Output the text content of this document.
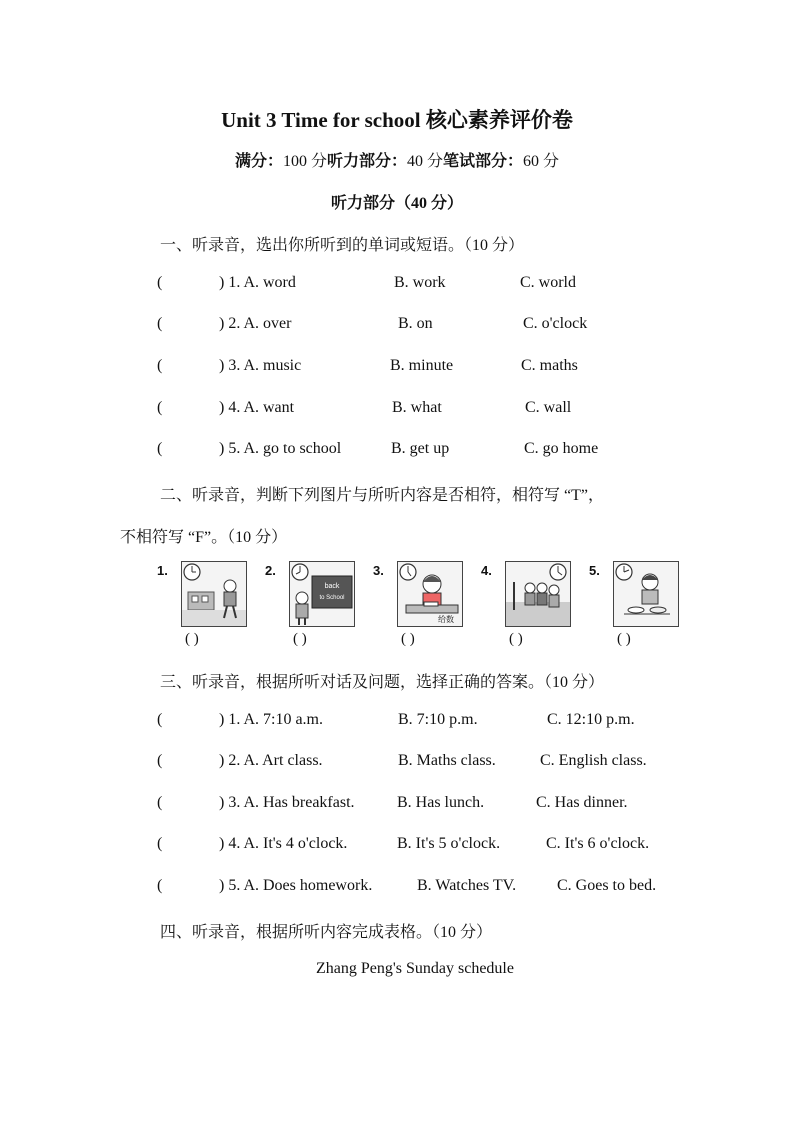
Unit 3 Time for school 核心素养评价卷
满分：100 分听力部分：40 分笔试部分：60 分
听力部分（40 分）
一、听录音，选出你所听到的单词或短语。（10 分）
(	) 1. A. word	B. work	C. world
(	) 2. A. over	B. on	C. o'clock
(	) 3. A. music	B. minute	C. maths
(	) 4. A. want	B. what	C. wall
(	) 5. A. go to school	B. get up	C. go home
二、听录音，判断下列图片与所听内容是否相符，相符写 “T”，
不相符写 “F”。（10 分）
1.
( )
2.
back
to School
( )
3.
给数
( )
4.
( )
5.
( )
三、听录音，根据所听对话及问题，选择正确的答案。（10 分）
(	) 1. A. 7:10 a.m.	B. 7:10 p.m.	C. 12:10 p.m.
(	) 2. A. Art class.	B. Maths class.	C. English class.
(	) 3. A. Has breakfast.	B. Has lunch.	C. Has dinner.
(	) 4. A. It's 4 o'clock.	B. It's 5 o'clock.	C. It's 6 o'clock.
(	) 5. A. Does homework.	B. Watches TV.	C. Goes to bed.
四、听录音，根据所听内容完成表格。（10 分）
Zhang Peng's Sunday schedule
